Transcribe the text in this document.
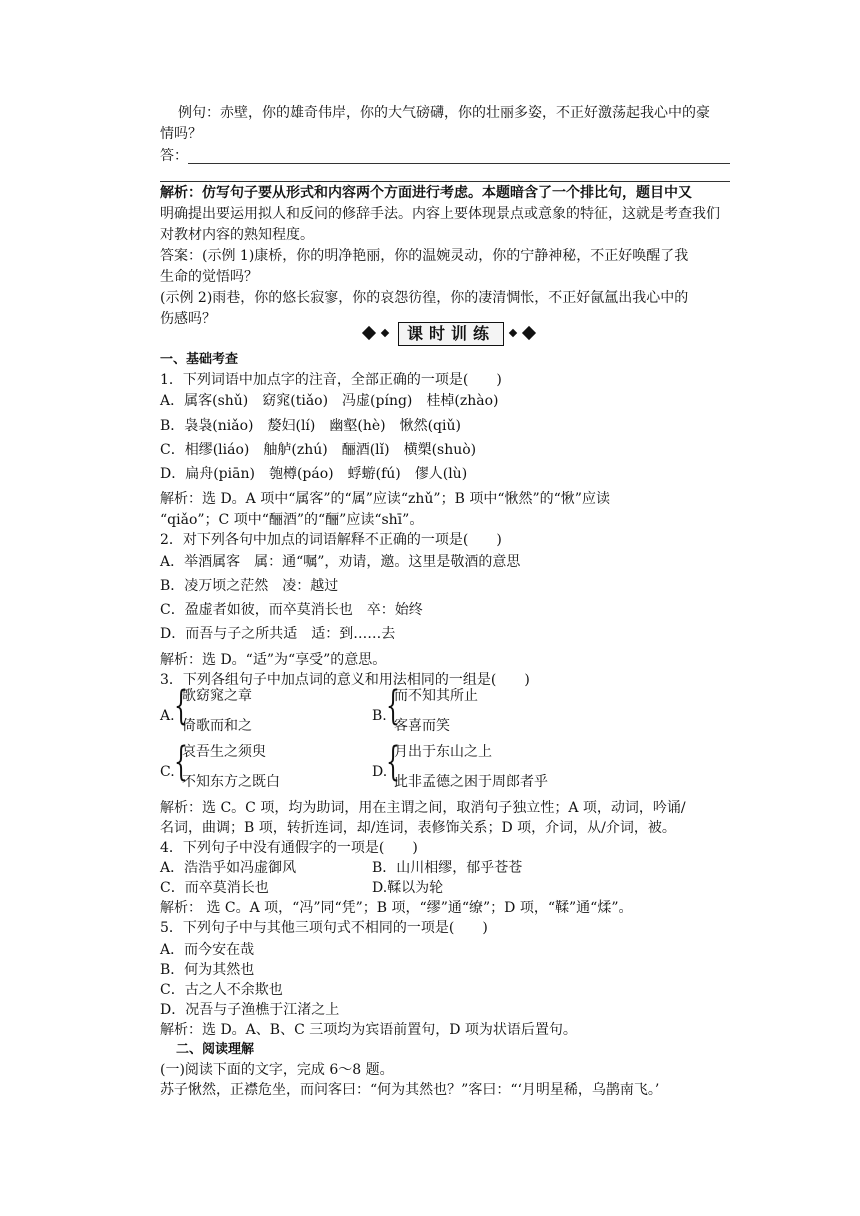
例句：赤壁，你的雄奇伟岸，你的大气磅礴，你的壮丽多姿，不正好激荡起我心中的豪
情吗？
答：
解析：仿写句子要从形式和内容两个方面进行考虑。本题暗含了一个排比句，题目中又
明确提出要运用拟人和反问的修辞手法。内容上要体现景点或意象的特征，这就是考查我们
对教材内容的熟知程度。
答案：(示例 1)康桥，你的明净艳丽，你的温婉灵动，你的宁静神秘，不正好唤醒了我
生命的觉悟吗？
(示例 2)雨巷，你的悠长寂寥，你的哀怨彷徨，你的凄清惆怅，不正好氤氲出我心中的
伤感吗？
课时训练
一、基础考查
1．下列词语中加点字的注音，全部正确的一项是(　　)
A．属客(shǔ)　窈窕(tiǎo)　冯虚(píng)　桂棹(zhào)
B．袅袅(niǎo)　嫠妇(lí)　幽壑(hè)　愀然(qiǔ)
C．相缪(liáo)　舳舻(zhú)　酾酒(lǐ)　横槊(shuò)
D．扁舟(piān)　匏樽(páo)　蜉蝣(fú)　僇人(lù)
解析：选 D。A 项中“属客”的“属”应读“zhǔ”；B 项中“愀然”的“愀”应读
“qiǎo”；C 项中“酾酒”的“酾”应读“shī”。
2．对下列各句中加点的词语解释不正确的一项是(　　)
A．举酒属客　属：通“嘱”，劝请，邀。这里是敬酒的意思
B．凌万顷之茫然　凌：越过
C．盈虚者如彼，而卒莫消长也　卒：始终
D．而吾与子之所共适　适：到……去
解析：选 D。“适”为“享受”的意思。
3．下列各组句子中加点词的意义和用法相同的一组是(　　)
A. {
歌窈窕之章
倚歌而和之
B. {
而不知其所止
客喜而笑
C. {
哀吾生之须臾
不知东方之既白
D.
{
月出于东山之上
此非孟德之困于周郎者乎
解析：选 C。C 项，均为助词，用在主谓之间，取消句子独立性；A 项，动词，吟诵/
名词，曲调；B 项，转折连词，却/连词，表修饰关系；D 项，介词，从/介词，被。
4．下列句子中没有通假字的一项是(　　)
A．浩浩乎如冯虚御风	B．山川相缪，郁乎苍苍
C．而卒莫消长也	D.鞣以为轮
解析： 选 C。A 项，“冯”同“凭”；B 项，“缪”通“缭”；D 项，“鞣”通“煣”。
5．下列句子中与其他三项句式不相同的一项是(　　)
A．而今安在哉
B．何为其然也
C．古之人不余欺也
D．况吾与子渔樵于江渚之上
解析：选 D。A、B、C 三项均为宾语前置句，D 项为状语后置句。
二、阅读理解
(一)阅读下面的文字，完成 6～8 题。
苏子愀然，正襟危坐，而问客曰：“何为其然也？”客曰：“‘月明星稀，乌鹊南飞。’
